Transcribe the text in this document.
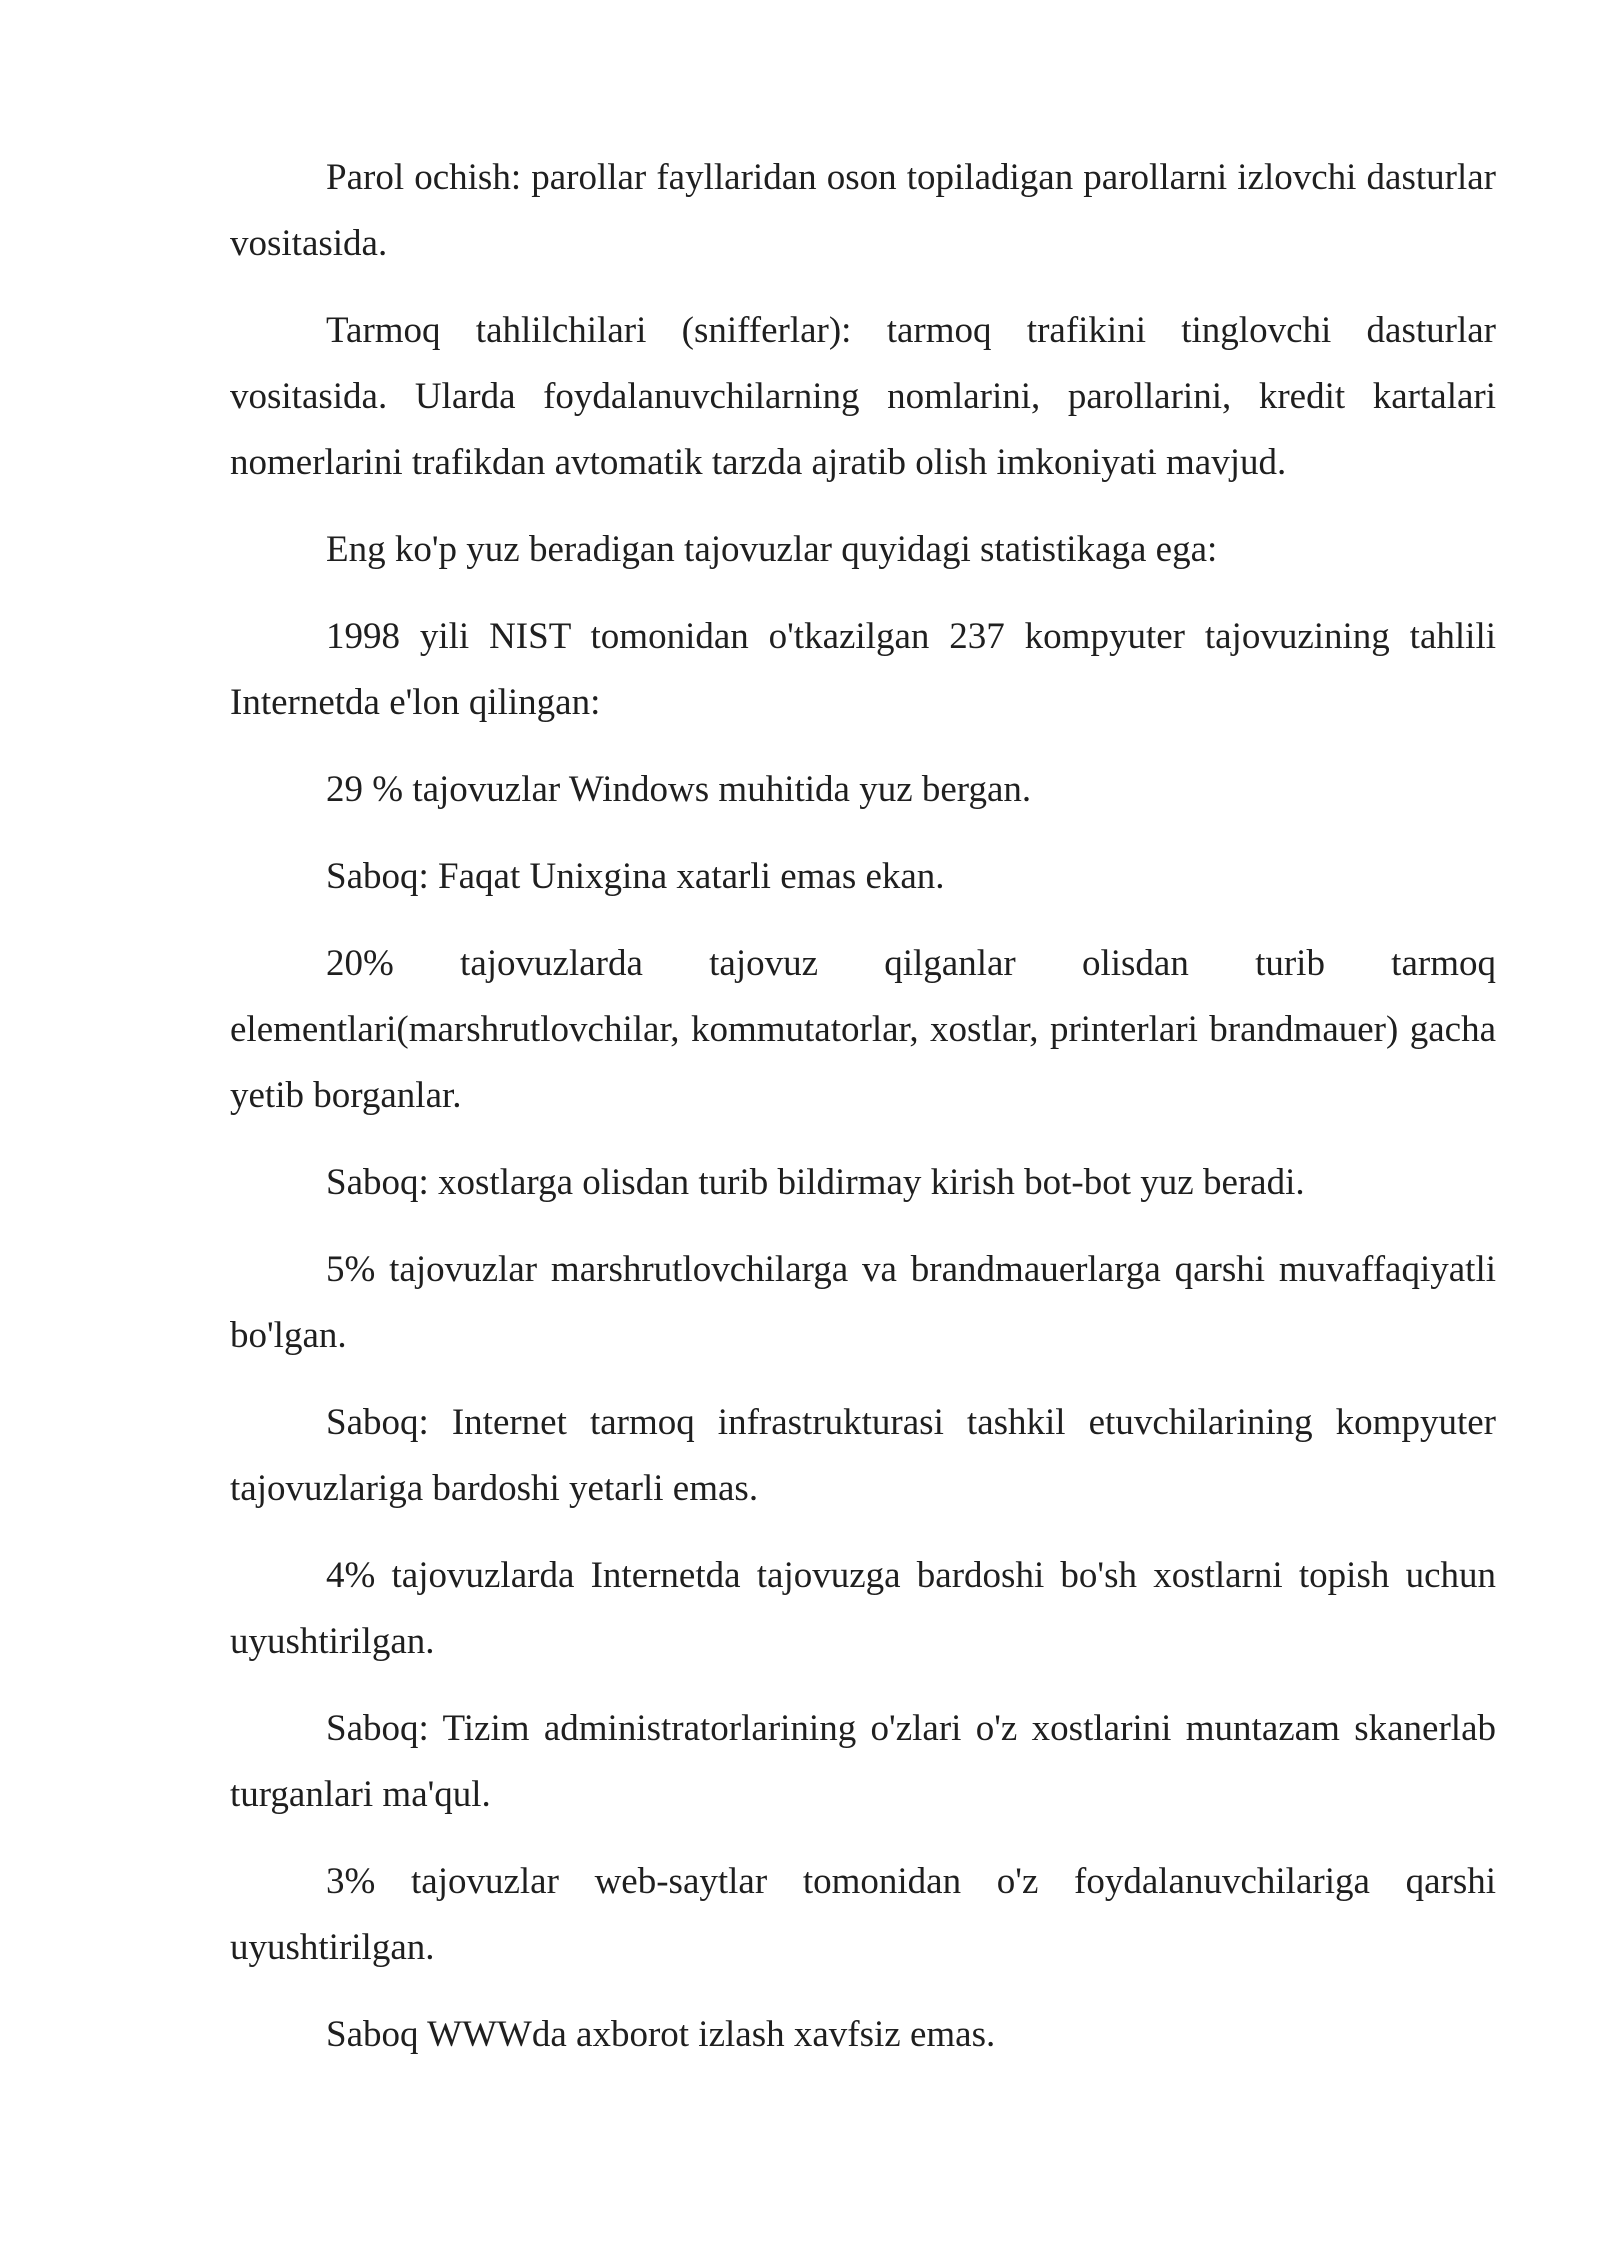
Parol ochish: parollar fayllaridan oson topiladigan parollarni izlovchi dasturlar vositasida.

Tarmoq tahlilchilari (snifferlar): tarmoq trafikini tinglovchi dasturlar vositasida. Ularda foydalanuvchilarning nomlarini, parollarini, kredit kartalari nomerlarini trafikdan avtomatik tarzda ajratib olish imkoniyati mavjud.

Eng ko'p yuz beradigan tajovuzlar quyidagi statistikaga ega:

1998 yili NIST tomonidan o'tkazilgan 237 kompyuter tajovuzining tahlili Internetda e'lon qilingan:

29 % tajovuzlar Windows muhitida yuz bergan.

Saboq: Faqat Unixgina xatarli emas ekan.

20% tajovuzlarda tajovuz qilganlar olisdan turib tarmoq elementlari(marshrutlovchilar, kommutatorlar, xostlar, printerlari brandmauer) gacha yetib borganlar.

Saboq: xostlarga olisdan turib bildirmay kirish bot-bot yuz beradi.

5% tajovuzlar marshrutlovchilarga va brandmauerlarga qarshi muvaffaqiyatli bo'lgan.

Saboq: Internet tarmoq infrastrukturasi tashkil etuvchilarining kompyuter tajovuzlariga bardoshi yetarli emas.

4% tajovuzlarda Internetda tajovuzga bardoshi bo'sh xostlarni topish uchun uyushtirilgan.

Saboq: Tizim administratorlarining o'zlari o'z xostlarini muntazam skanerlab turganlari ma'qul.

3% tajovuzlar web-saytlar tomonidan o'z foydalanuvchilariga qarshi uyushtirilgan.

Saboq WWWda axborot izlash xavfsiz emas.
